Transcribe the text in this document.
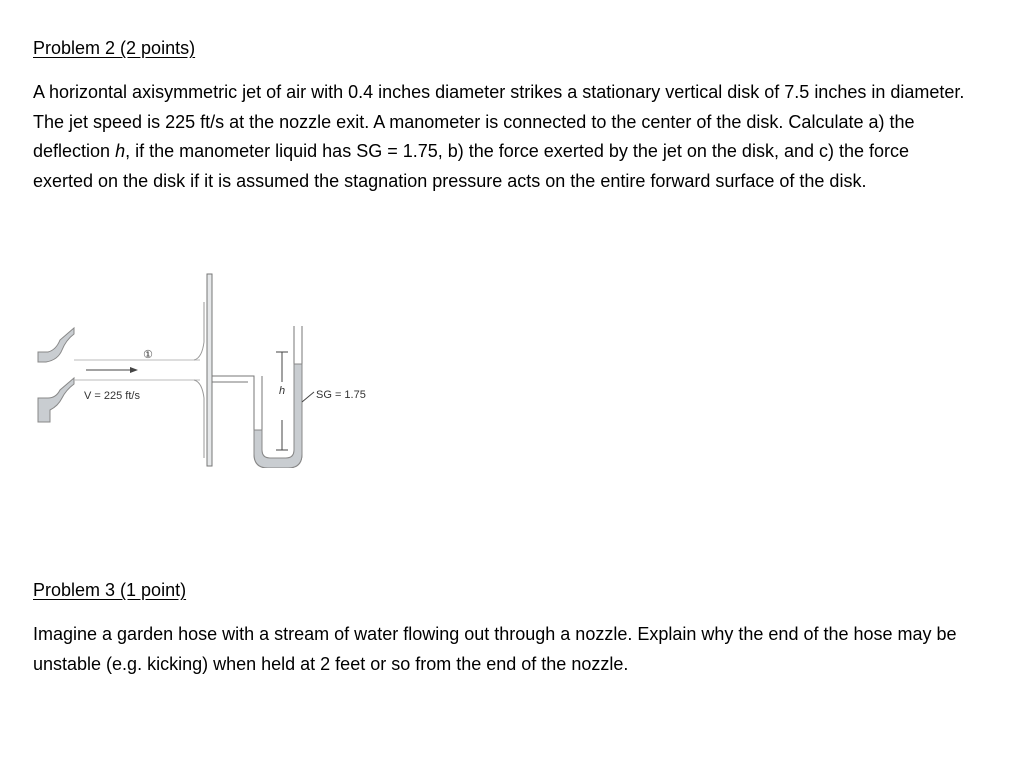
Problem 2 (2 points)

A horizontal axisymmetric jet of air with 0.4 inches diameter strikes a stationary vertical disk of 7.5 inches in diameter. The jet speed is 225 ft/s at the nozzle exit. A manometer is connected to the center of the disk. Calculate a) the deflection h, if the manometer liquid has SG = 1.75, b) the force exerted by the jet on the disk, and c) the force exerted on the disk if it is assumed the stagnation pressure acts on the entire forward surface of the disk.

①
V = 225 ft/s	h	SG = 1.75
Problem 3 (1 point)

Imagine a garden hose with a stream of water flowing out through a nozzle. Explain why the end of the hose may be unstable (e.g. kicking) when held at 2 feet or so from the end of the nozzle.
